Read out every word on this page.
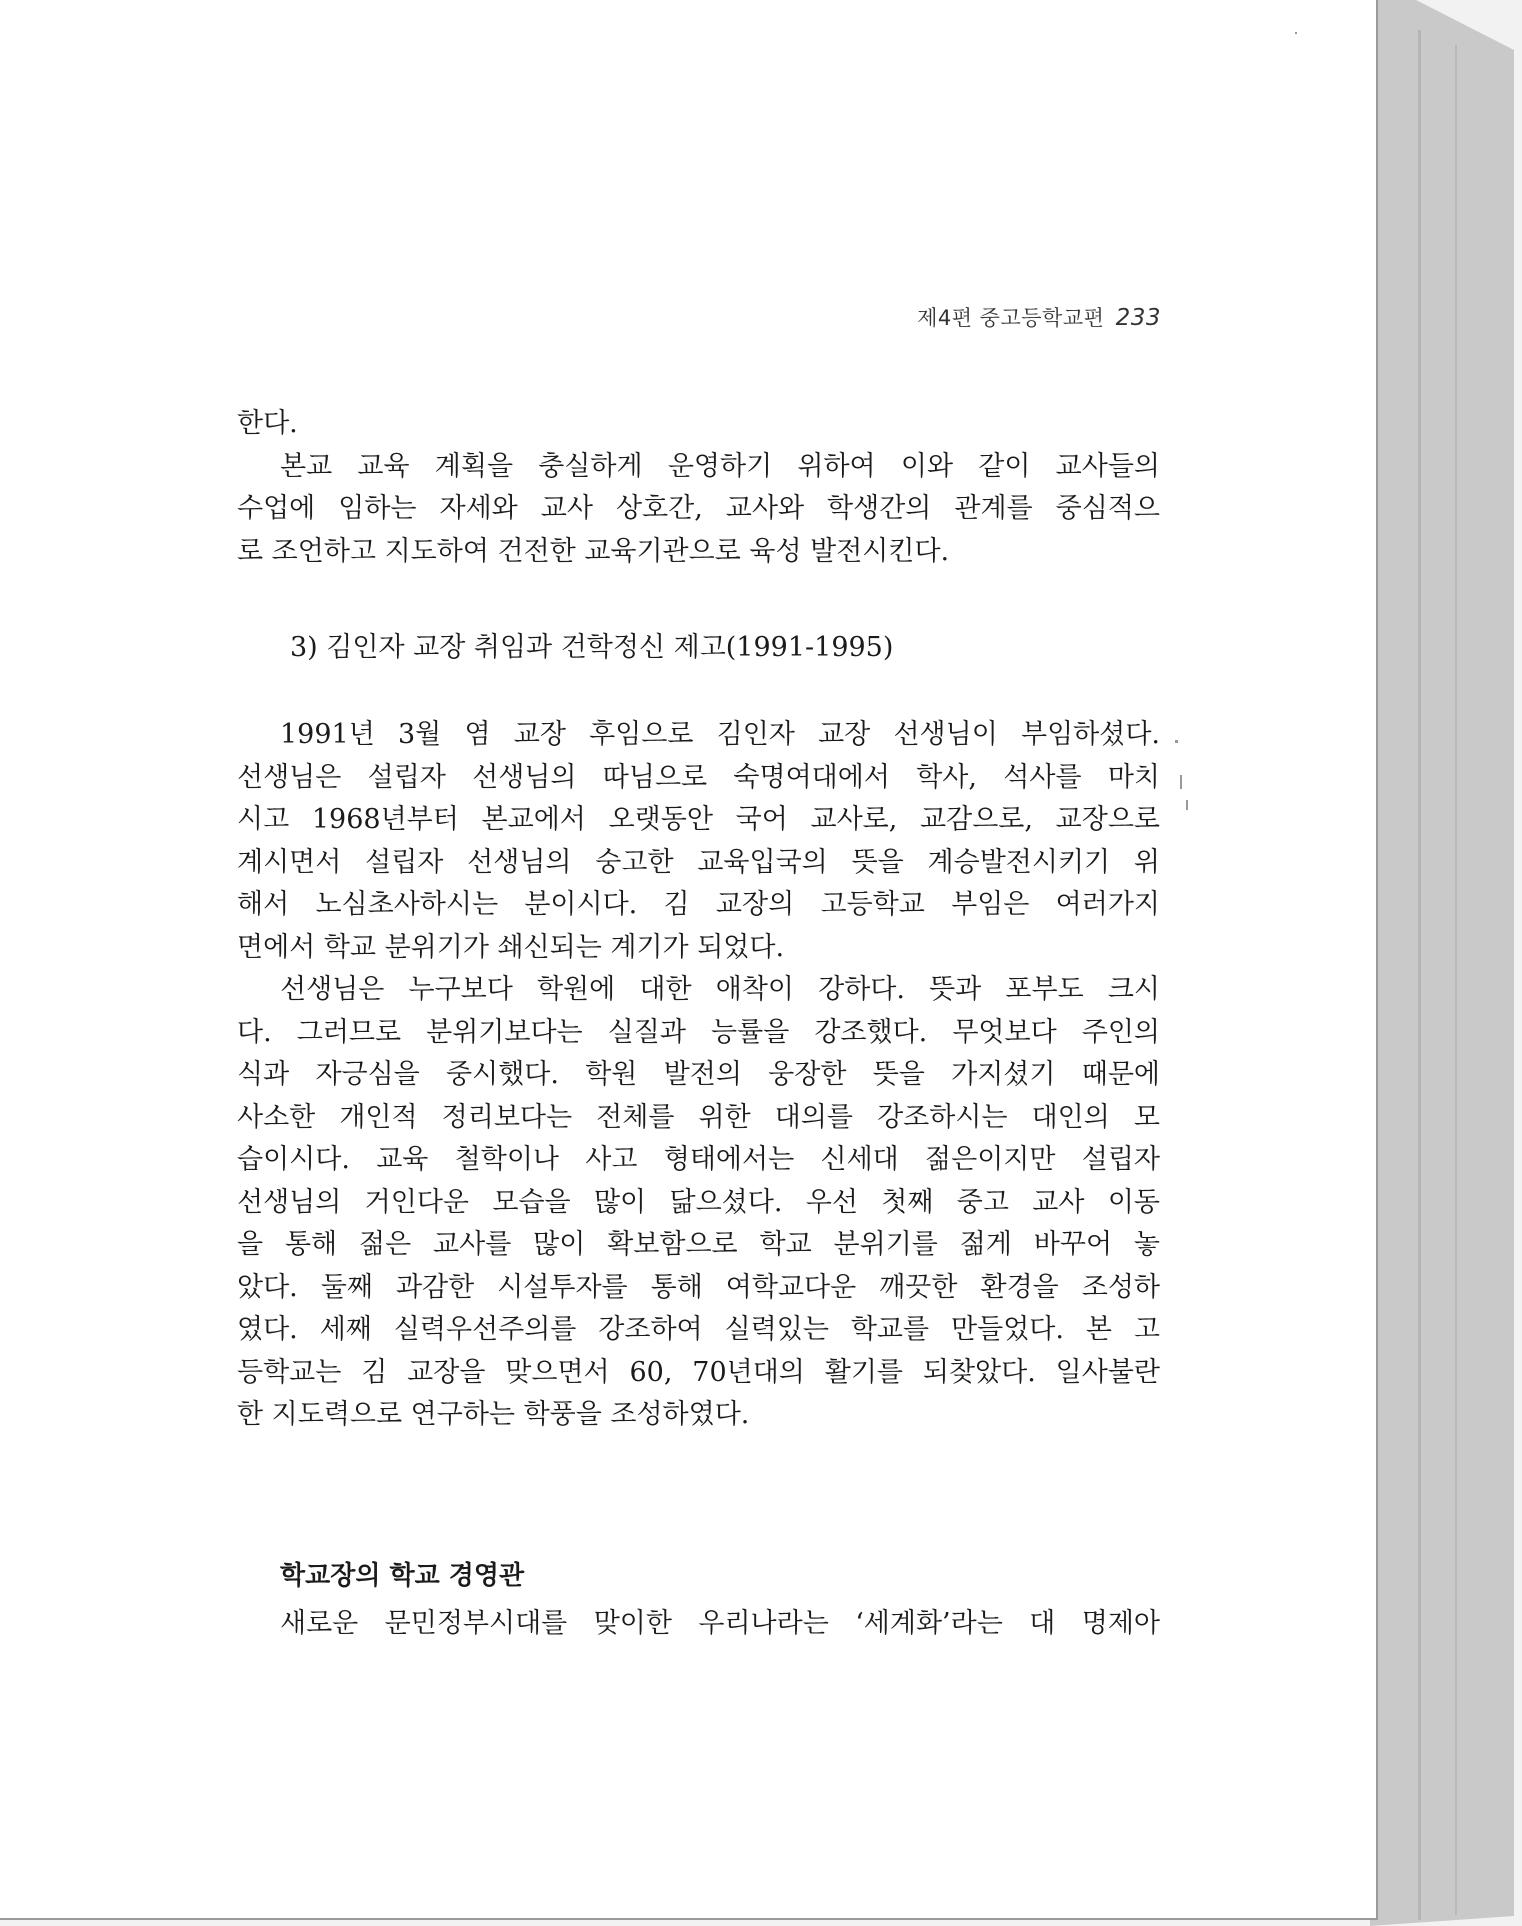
제4편 중고등학교편 233
한다.
본교 교육 계획을 충실하게 운영하기 위하여 이와 같이 교사들의
수업에 임하는 자세와 교사 상호간, 교사와 학생간의 관계를 중심적으
로 조언하고 지도하여 건전한 교육기관으로 육성 발전시킨다.
3) 김인자 교장 취임과 건학정신 제고(1991-1995)
1991년 3월 염 교장 후임으로 김인자 교장 선생님이 부임하셨다.
선생님은 설립자 선생님의 따님으로 숙명여대에서 학사, 석사를 마치
시고 1968년부터 본교에서 오랫동안 국어 교사로, 교감으로, 교장으로
계시면서 설립자 선생님의 숭고한 교육입국의 뜻을 계승발전시키기 위
해서 노심초사하시는 분이시다. 김 교장의 고등학교 부임은 여러가지
면에서 학교 분위기가 쇄신되는 계기가 되었다.
선생님은 누구보다 학원에 대한 애착이 강하다. 뜻과 포부도 크시
다. 그러므로 분위기보다는 실질과 능률을 강조했다. 무엇보다 주인의
식과 자긍심을 중시했다. 학원 발전의 웅장한 뜻을 가지셨기 때문에
사소한 개인적 정리보다는 전체를 위한 대의를 강조하시는 대인의 모
습이시다. 교육 철학이나 사고 형태에서는 신세대 젊은이지만 설립자
선생님의 거인다운 모습을 많이 닮으셨다. 우선 첫째 중고 교사 이동
을 통해 젊은 교사를 많이 확보함으로 학교 분위기를 젊게 바꾸어 놓
았다. 둘째 과감한 시설투자를 통해 여학교다운 깨끗한 환경을 조성하
였다. 세째 실력우선주의를 강조하여 실력있는 학교를 만들었다. 본 고
등학교는 김 교장을 맞으면서 60, 70년대의 활기를 되찾았다. 일사불란
한 지도력으로 연구하는 학풍을 조성하였다.
학교장의 학교 경영관
새로운 문민정부시대를 맞이한 우리나라는 ‘세계화’라는 대 명제아
